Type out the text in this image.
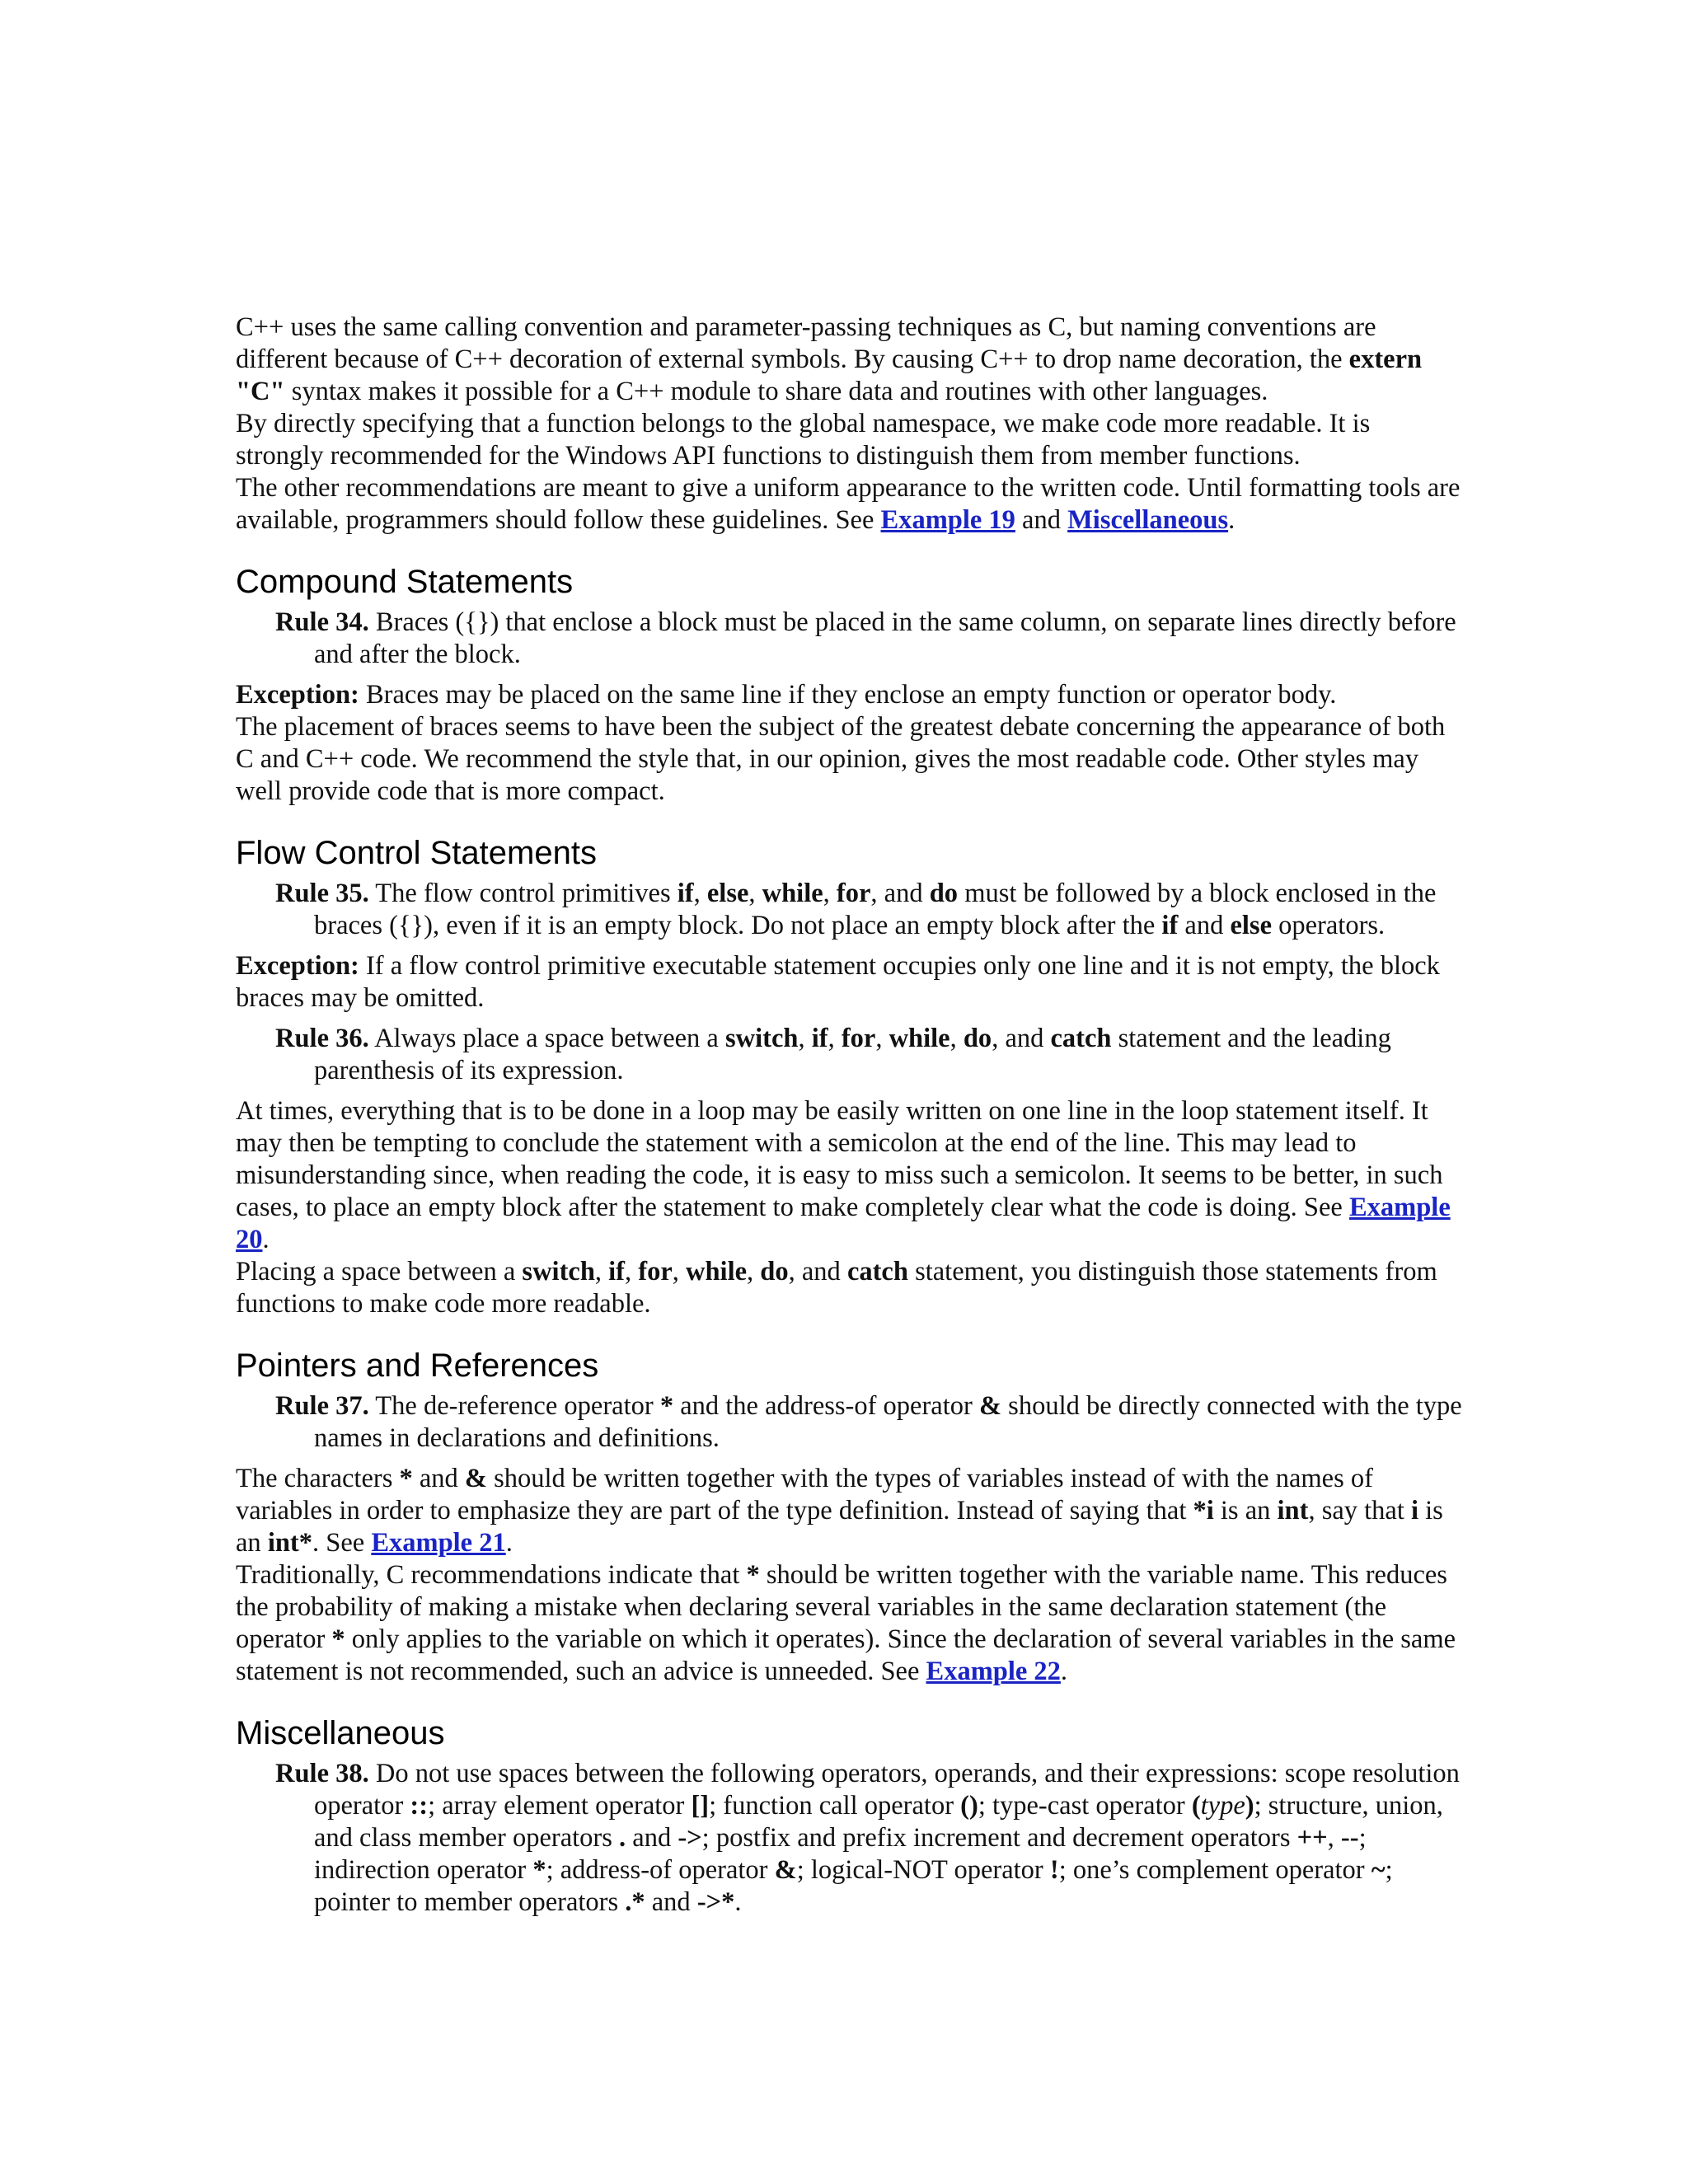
C++ uses the same calling convention and parameter-passing techniques as C, but naming conventions are different because of C++ decoration of external symbols. By causing C++ to drop name decoration, the extern "C" syntax makes it possible for a C++ module to share data and routines with other languages.

By directly specifying that a function belongs to the global namespace, we make code more readable. It is strongly recommended for the Windows API functions to distinguish them from member functions.

The other recommendations are meant to give a uniform appearance to the written code. Until formatting tools are available, programmers should follow these guidelines. See Example 19 and Miscellaneous.

Compound Statements

Rule 34. Braces ({}) that enclose a block must be placed in the same column, on separate lines directly before and after the block.

Exception: Braces may be placed on the same line if they enclose an empty function or operator body.

The placement of braces seems to have been the subject of the greatest debate concerning the appearance of both C and C++ code. We recommend the style that, in our opinion, gives the most readable code. Other styles may well provide code that is more compact.

Flow Control Statements

Rule 35. The flow control primitives if, else, while, for, and do must be followed by a block enclosed in the braces ({}), even if it is an empty block. Do not place an empty block after the if and else operators.

Exception: If a flow control primitive executable statement occupies only one line and it is not empty, the block braces may be omitted.

Rule 36. Always place a space between a switch, if, for, while, do, and catch statement and the leading parenthesis of its expression.

At times, everything that is to be done in a loop may be easily written on one line in the loop statement itself. It may then be tempting to conclude the statement with a semicolon at the end of the line. This may lead to misunderstanding since, when reading the code, it is easy to miss such a semicolon. It seems to be better, in such cases, to place an empty block after the statement to make completely clear what the code is doing. See Example 20.

Placing a space between a switch, if, for, while, do, and catch statement, you distinguish those statements from functions to make code more readable.

Pointers and References

Rule 37. The de-reference operator * and the address-of operator & should be directly connected with the type names in declarations and definitions.

The characters * and & should be written together with the types of variables instead of with the names of variables in order to emphasize they are part of the type definition. Instead of saying that *i is an int, say that i is an int*. See Example 21.

Traditionally, C recommendations indicate that * should be written together with the variable name. This reduces the probability of making a mistake when declaring several variables in the same declaration statement (the operator * only applies to the variable on which it operates). Since the declaration of several variables in the same statement is not recommended, such an advice is unneeded. See Example 22.

Miscellaneous

Rule 38. Do not use spaces between the following operators, operands, and their expressions: scope resolution operator ::; array element operator []; function call operator (); type-cast operator (type); structure, union, and class member operators . and ->; postfix and prefix increment and decrement operators ++, --; indirection operator *; address-of operator &; logical-NOT operator !; one’s complement operator ~; pointer to member operators .* and ->*.
